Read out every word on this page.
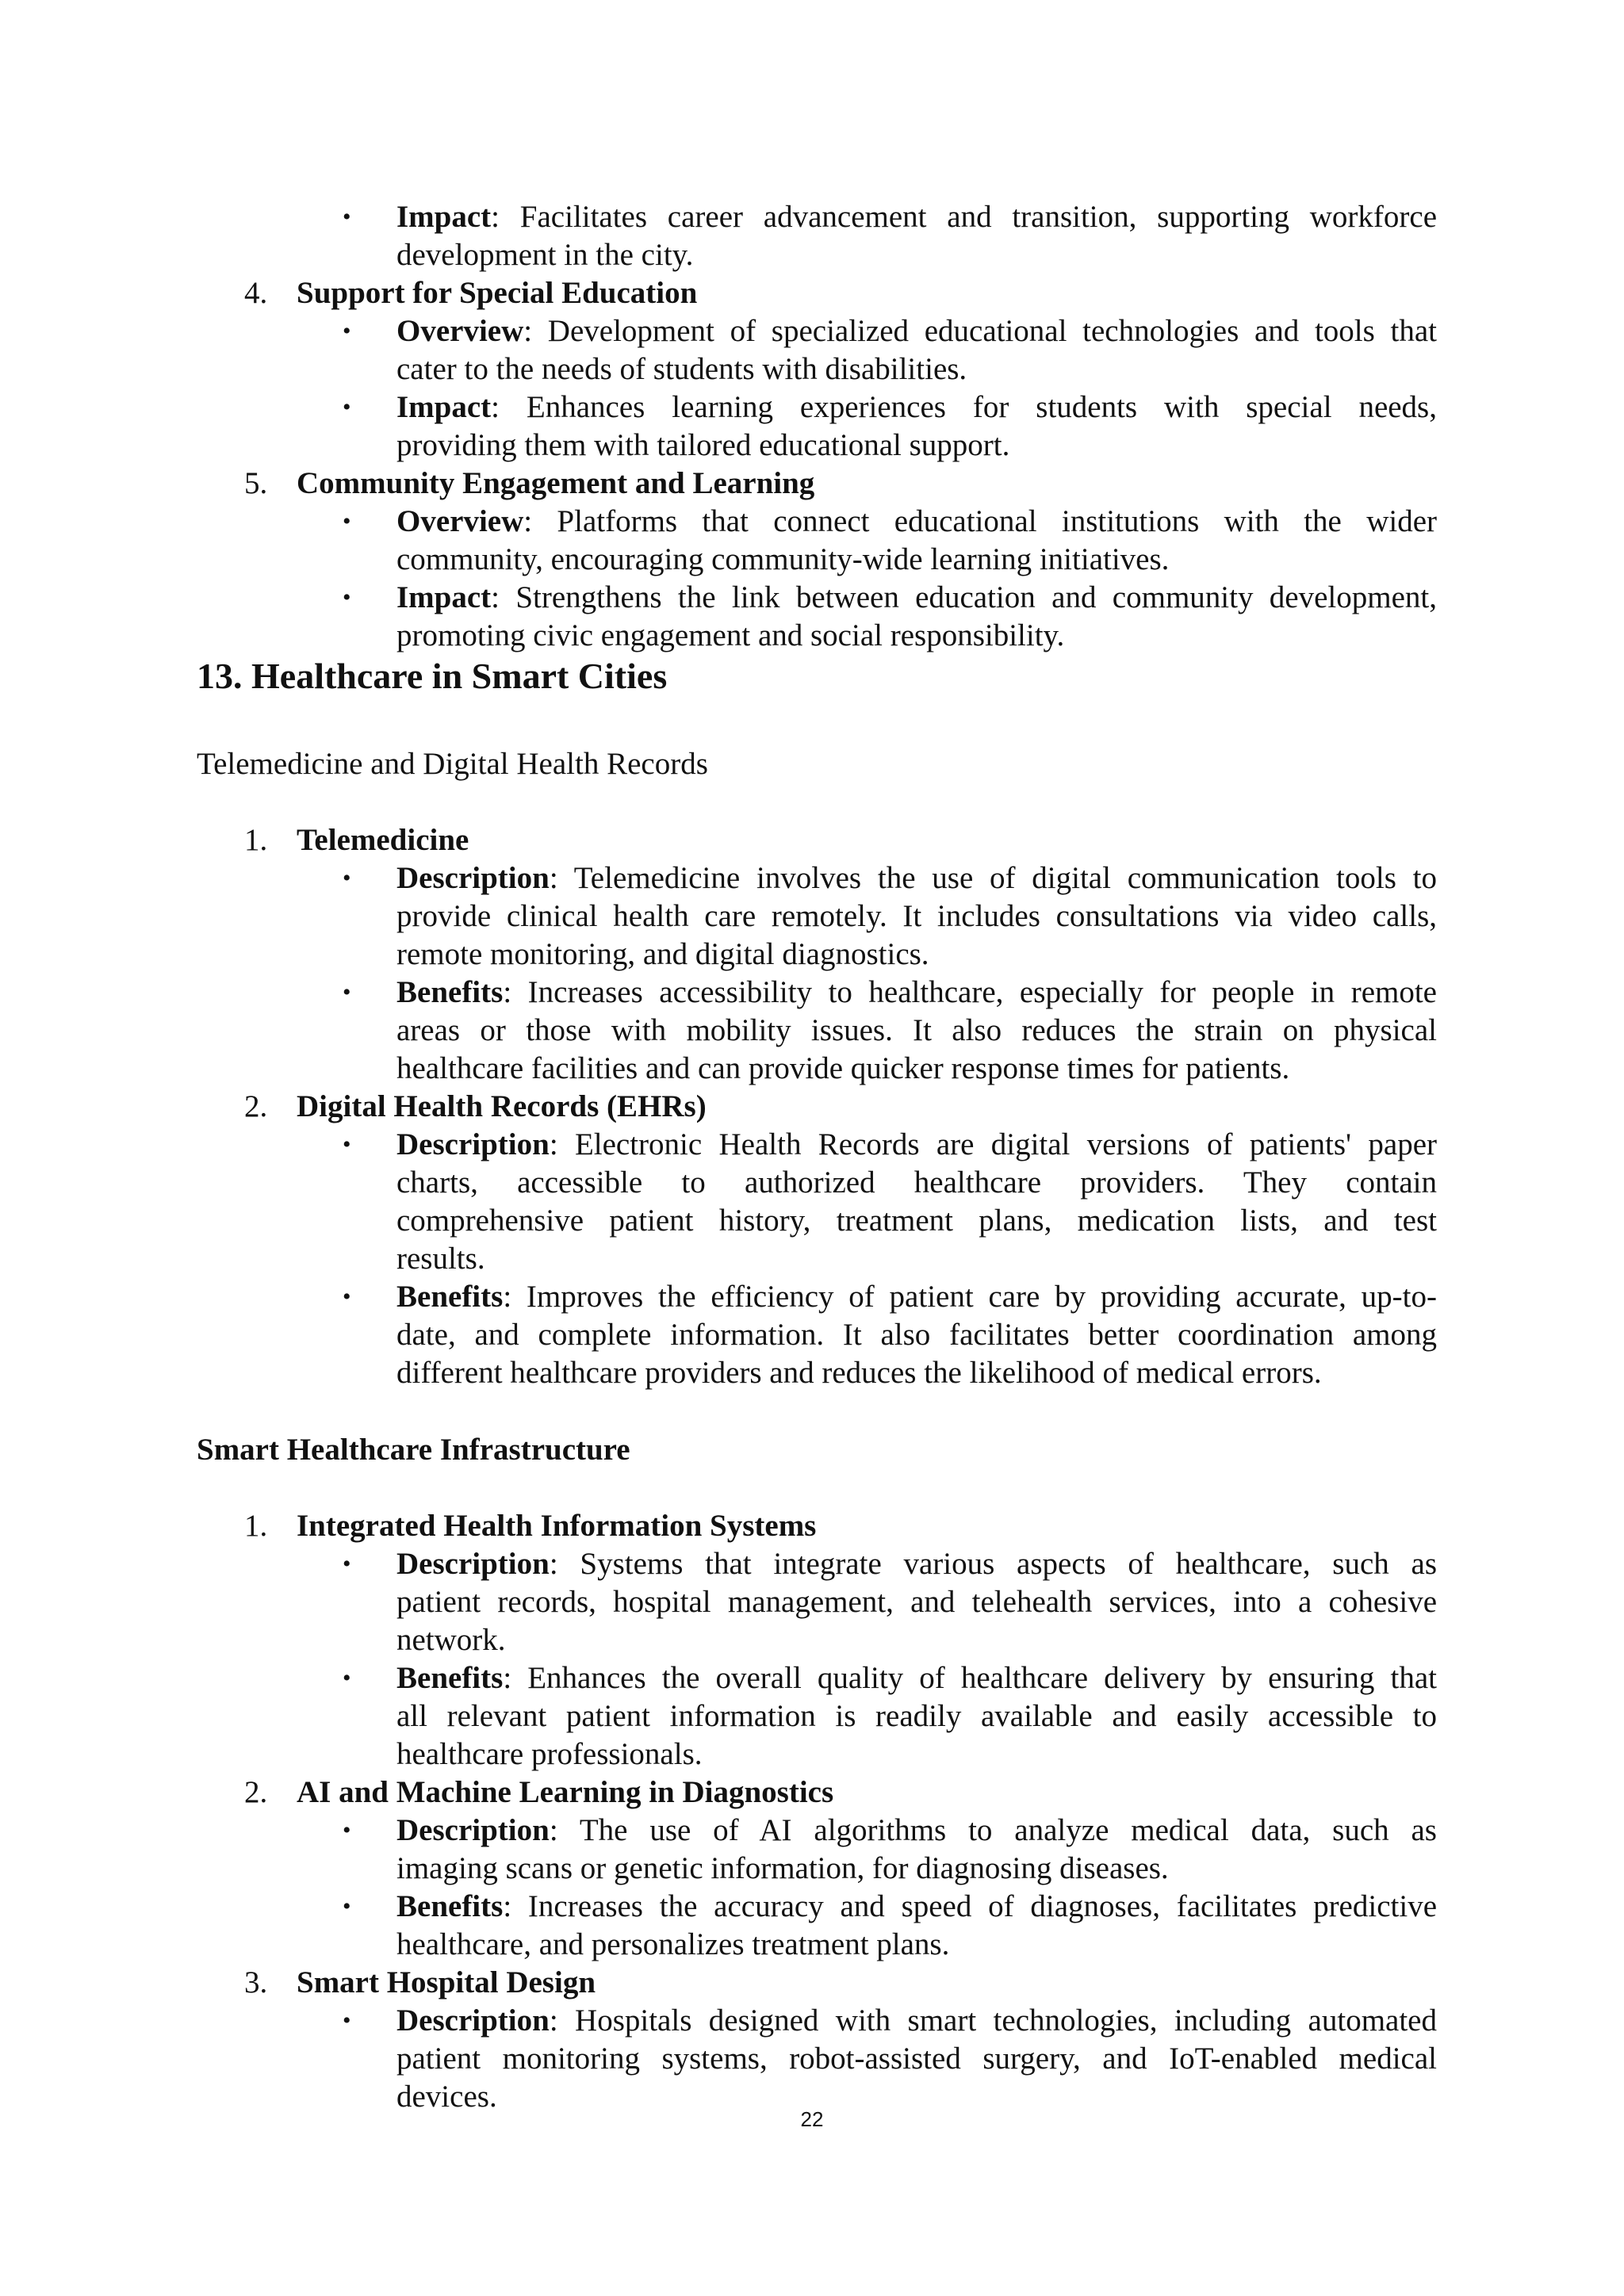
• Impact: Facilitates career advancement and transition, supporting workforce
development in the city.
4. Support for Special Education
• Overview: Development of specialized educational technologies and tools that
cater to the needs of students with disabilities.
• Impact: Enhances learning experiences for students with special needs,
providing them with tailored educational support.
5. Community Engagement and Learning
• Overview: Platforms that connect educational institutions with the wider
community, encouraging community-wide learning initiatives.
• Impact: Strengthens the link between education and community development,
promoting civic engagement and social responsibility.
13. Healthcare in Smart Cities
Telemedicine and Digital Health Records
1. Telemedicine
• Description: Telemedicine involves the use of digital communication tools to
provide clinical health care remotely. It includes consultations via video calls,
remote monitoring, and digital diagnostics.
• Benefits: Increases accessibility to healthcare, especially for people in remote
areas or those with mobility issues. It also reduces the strain on physical
healthcare facilities and can provide quicker response times for patients.
2. Digital Health Records (EHRs)
• Description: Electronic Health Records are digital versions of patients' paper
charts, accessible to authorized healthcare providers. They contain
comprehensive patient history, treatment plans, medication lists, and test
results.
• Benefits: Improves the efficiency of patient care by providing accurate, up-to-
date, and complete information. It also facilitates better coordination among
different healthcare providers and reduces the likelihood of medical errors.
Smart Healthcare Infrastructure
1. Integrated Health Information Systems
• Description: Systems that integrate various aspects of healthcare, such as
patient records, hospital management, and telehealth services, into a cohesive
network.
• Benefits: Enhances the overall quality of healthcare delivery by ensuring that
all relevant patient information is readily available and easily accessible to
healthcare professionals.
2. AI and Machine Learning in Diagnostics
• Description: The use of AI algorithms to analyze medical data, such as
imaging scans or genetic information, for diagnosing diseases.
• Benefits: Increases the accuracy and speed of diagnoses, facilitates predictive
healthcare, and personalizes treatment plans.
3. Smart Hospital Design
• Description: Hospitals designed with smart technologies, including automated
patient monitoring systems, robot-assisted surgery, and IoT-enabled medical
devices.
22
